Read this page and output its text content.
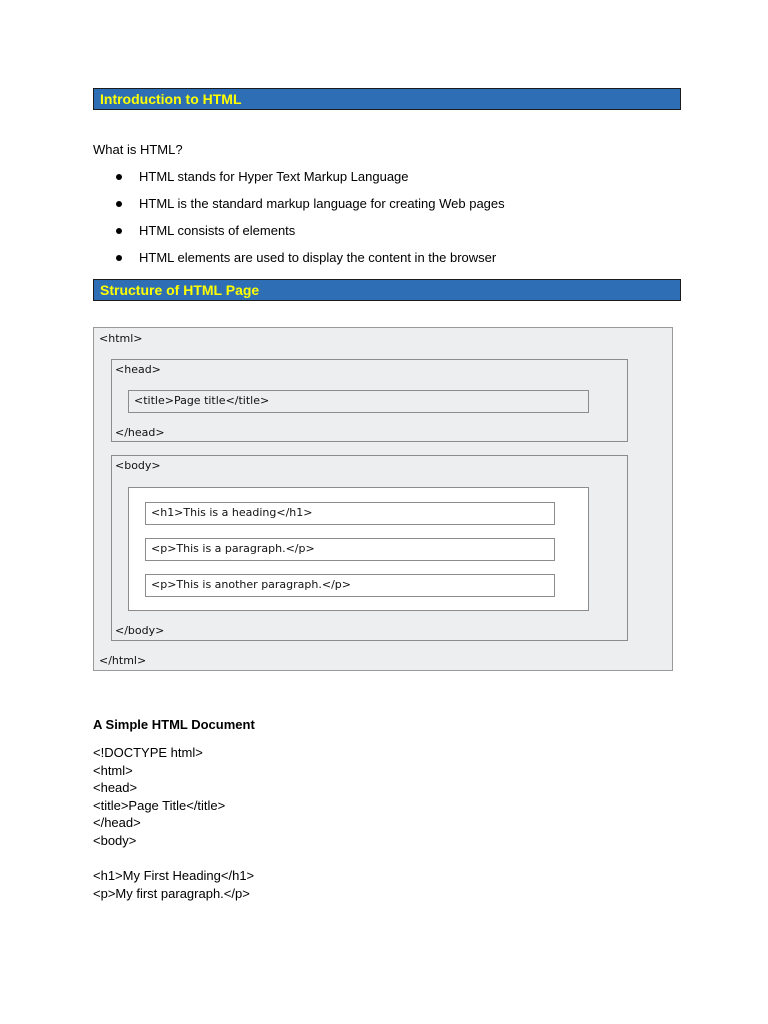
Introduction to HTML
What is HTML?
HTML stands for Hyper Text Markup Language
HTML is the standard markup language for creating Web pages
HTML consists of elements
HTML elements are used to display the content in the browser
Structure of HTML Page
<html>
<head>
<title>Page title</title>
</head>
<body>
<h1>This is a heading</h1>
<p>This is a paragraph.</p>
<p>This is another paragraph.</p>
</body>
</html>
A Simple HTML Document
<!DOCTYPE html>
<html>
<head>
<title>Page Title</title>
</head>
<body>
<h1>My First Heading</h1>
<p>My first paragraph.</p>
